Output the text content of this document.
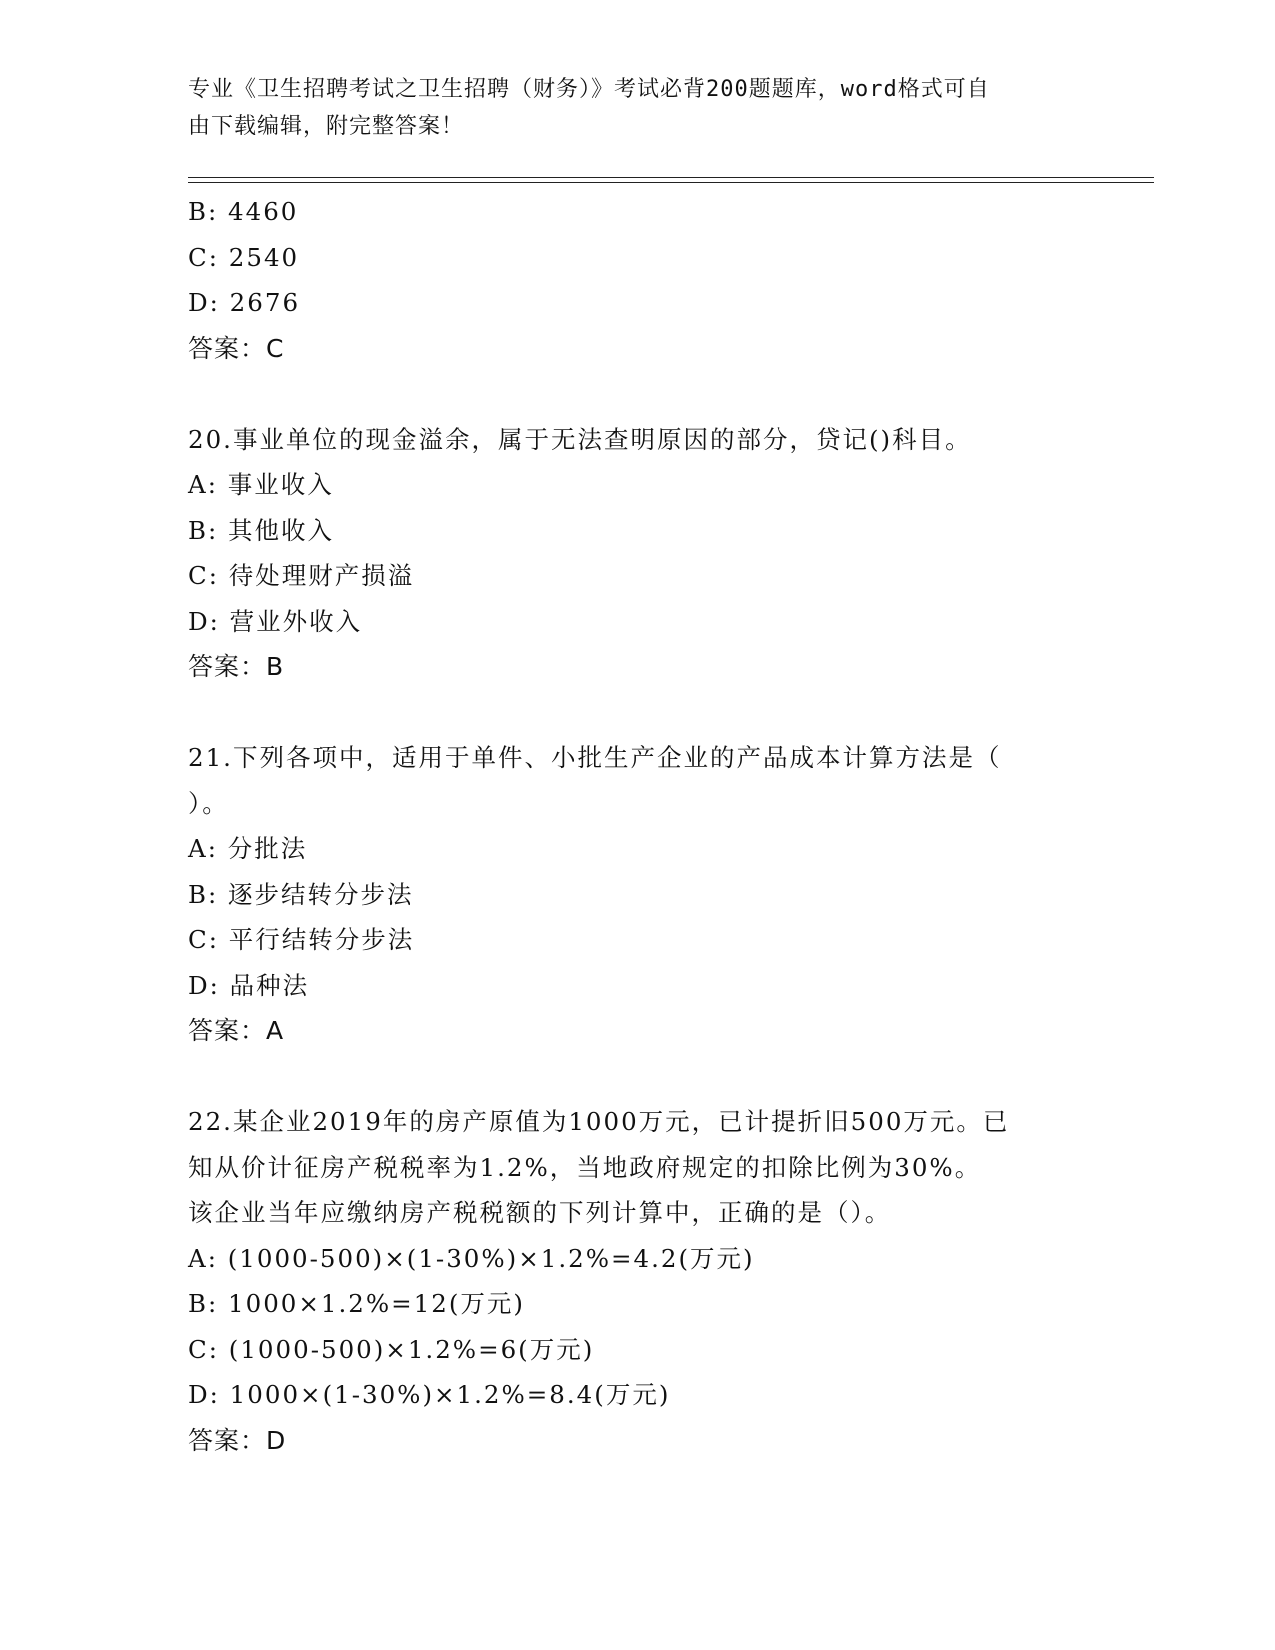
专业《卫生招聘考试之卫生招聘（财务）》考试必背200题题库，word格式可自
由下载编辑，附完整答案！
B: 4460
C: 2540
D: 2676
答案：C
20.事业单位的现金溢余，属于无法查明原因的部分，贷记()科目。
A: 事业收入
B: 其他收入
C: 待处理财产损溢
D: 营业外收入
答案：B
21.下列各项中，适用于单件、小批生产企业的产品成本计算方法是（
）。
A: 分批法
B: 逐步结转分步法
C: 平行结转分步法
D: 品种法
答案：A
22.某企业2019年的房产原值为1000万元，已计提折旧500万元。已
知从价计征房产税税率为1.2%，当地政府规定的扣除比例为30%。
该企业当年应缴纳房产税税额的下列计算中，正确的是（）。
A: (1000-500)×(1-30%)×1.2%=4.2(万元)
B: 1000×1.2%=12(万元)
C: (1000-500)×1.2%=6(万元)
D: 1000×(1-30%)×1.2%=8.4(万元)
答案：D
